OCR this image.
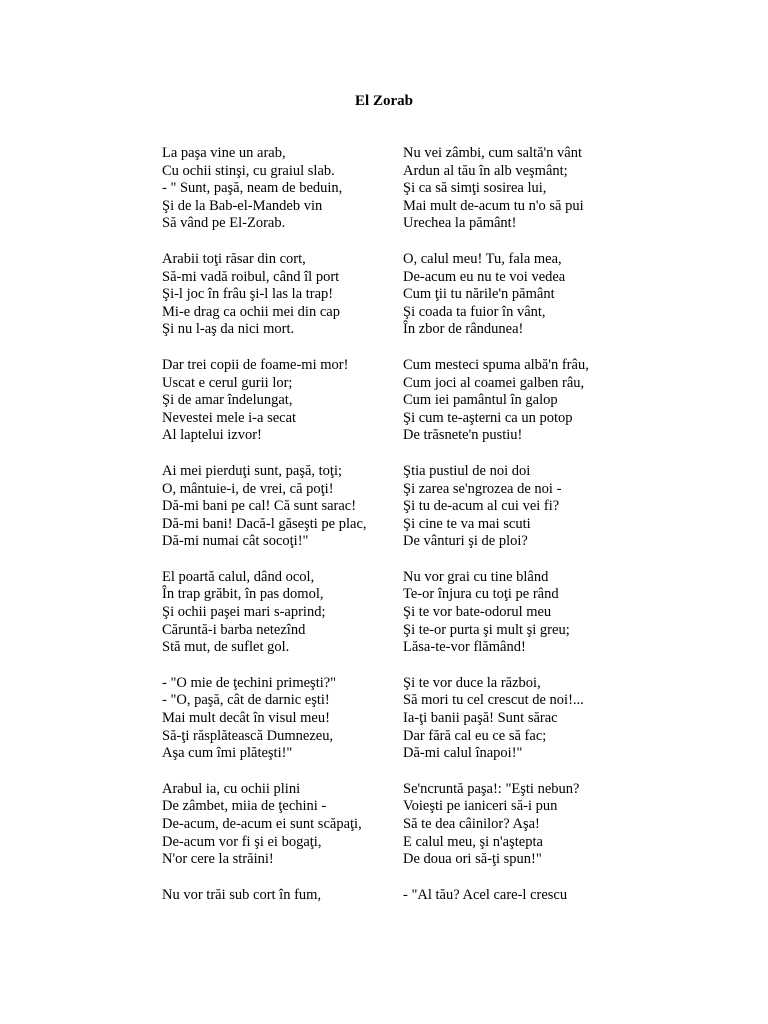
El Zorab
La paşa vine un arab,
Cu ochii stinşi, cu graiul slab.
- " Sunt, paşă, neam de beduin,
Şi de la Bab-el-Mandeb vin
Să vând pe El-Zorab.
Arabii toţi răsar din cort,
Să-mi vadă roibul, când îl port
Şi-l joc în frâu şi-l las la trap!
Mi-e drag ca ochii mei din cap
Şi nu l-aş da nici mort.
Dar trei copii de foame-mi mor!
Uscat e cerul gurii lor;
Şi de amar îndelungat,
Nevestei mele i-a secat
Al laptelui izvor!
Ai mei pierduţi sunt, paşă, toţi;
O, mântuie-i, de vrei, că poţi!
Dă-mi bani pe cal! Că sunt sarac!
Dă-mi bani! Dacă-l găseşti pe plac,
Dă-mi numai cât socoţi!"
El poartă calul, dând ocol,
În trap grăbit, în pas domol,
Şi ochii paşei mari s-aprind;
Căruntă-i barba netezînd
Stă mut, de suflet gol.
- "O mie de ţechini primeşti?"
- "O, paşă, cât de darnic eşti!
Mai mult decât în visul meu!
Să-ţi răsplătească Dumnezeu,
Aşa cum îmi plăteşti!"
Arabul ia, cu ochii plini
De zâmbet, miia de ţechini -
De-acum, de-acum ei sunt scăpaţi,
De-acum vor fi şi ei bogaţi,
N'or cere la străini!
Nu vor trăi sub cort în fum,
Nu vei zâmbi, cum saltă'n vânt
Ardun al tău în alb veşmânt;
Şi ca să simţi sosirea lui,
Mai mult de-acum tu n'o să pui
Urechea la pământ!
O, calul meu! Tu, fala mea,
De-acum eu nu te voi vedea
Cum ţii tu nările'n pământ
Şi coada ta fuior în vânt,
În zbor de rândunea!
Cum mesteci spuma albă'n frâu,
Cum joci al coamei galben râu,
Cum iei pamântul în galop
Şi cum te-aşterni ca un potop
De trăsnete'n pustiu!
Ştia pustiul de noi doi
Şi zarea se'ngrozea de noi -
Şi tu de-acum al cui vei fi?
Şi cine te va mai scuti
De vânturi şi de ploi?
Nu vor grai cu tine blând
Te-or înjura cu toţi pe rând
Şi te vor bate-odorul meu
Şi te-or purta şi mult şi greu;
Lăsa-te-vor flămând!
Şi te vor duce la război,
Să mori tu cel crescut de noi!...
Ia-ţi banii paşă! Sunt sărac
Dar fără cal eu ce să fac;
Dă-mi calul înapoi!"
Se'ncruntă paşa!: "Eşti nebun?
Voieşti pe ianiceri să-i pun
Să te dea câinilor? Aşa!
E calul meu, şi n'aştepta
De doua ori să-ţi spun!"
- "Al tău? Acel care-l crescu
